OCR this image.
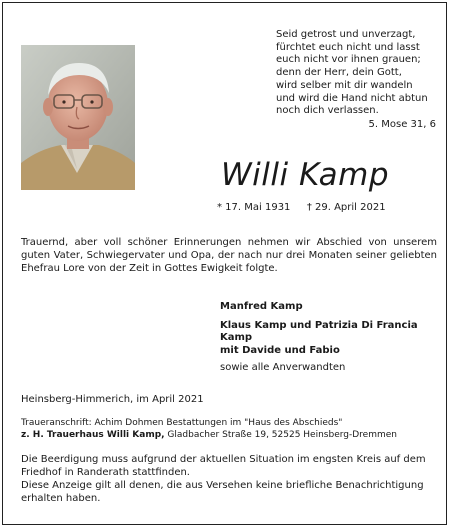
Seid getrost und unverzagt,

fürchtet euch nicht und lasst

euch nicht vor ihnen grauen;

denn der Herr, dein Gott,

wird selber mit dir wandeln

und wird die Hand nicht abtun

noch dich verlassen.

5. Mose 31, 6

Willi Kamp
* 17. Mai 1931 † 29. April 2021

Trauernd, aber voll schöner Erinnerungen nehmen wir Abschied von unserem guten Vater, Schwiegervater und Opa, der nach nur drei Monaten seiner geliebten Ehefrau Lore von der Zeit in Gottes Ewigkeit folgte.

Manfred Kamp

Klaus Kamp und Patrizia Di Francia Kamp

mit Davide und Fabio

sowie alle Anverwandten

Heinsberg-Himmerich, im April 2021

Traueranschrift: Achim Dohmen Bestattungen im "Haus des Abschieds"

z. H. Trauerhaus Willi Kamp, Gladbacher Straße 19, 52525 Heinsberg-Dremmen

Die Beerdigung muss aufgrund der aktuellen Situation im engsten Kreis auf dem Friedhof in Randerath stattfinden.

Diese Anzeige gilt all denen, die aus Versehen keine briefliche Benachrichtigung erhalten haben.
